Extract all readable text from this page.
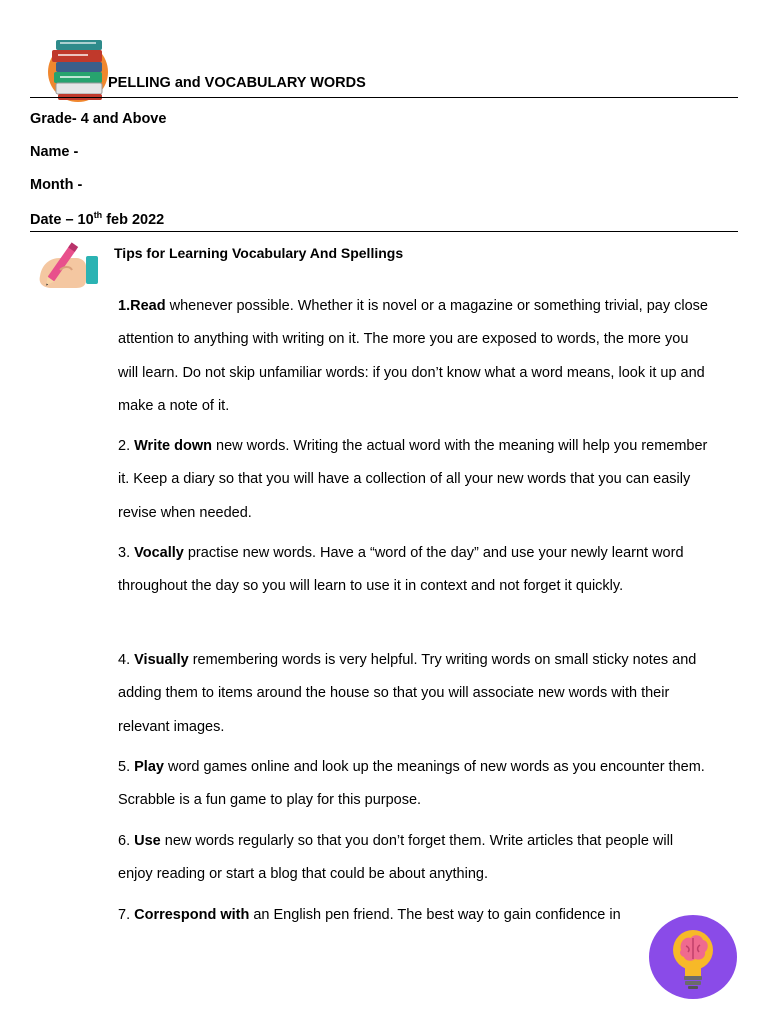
PELLING and VOCABULARY WORDS
Grade- 4 and Above
Name -
Month -
Date – 10th feb 2022
Tips for Learning Vocabulary And Spellings
1.Read whenever possible. Whether it is novel or a magazine or something trivial, pay close attention to anything with writing on it. The more you are exposed to words, the more you will learn. Do not skip unfamiliar words: if you don’t know what a word means, look it up and make a note of it.
2. Write down new words. Writing the actual word with the meaning will help you remember it. Keep a diary so that you will have a collection of all your new words that you can easily revise when needed.
3. Vocally practise new words. Have a “word of the day” and use your newly learnt word throughout the day so you will learn to use it in context and not forget it quickly.
4. Visually remembering words is very helpful. Try writing words on small sticky notes and adding them to items around the house so that you will associate new words with their relevant images.
5. Play word games online and look up the meanings of new words as you encounter them. Scrabble is a fun game to play for this purpose.
6. Use new words regularly so that you don’t forget them. Write articles that people will enjoy reading or start a blog that could be about anything.
7. Correspond with an English pen friend. The best way to gain confidence in
